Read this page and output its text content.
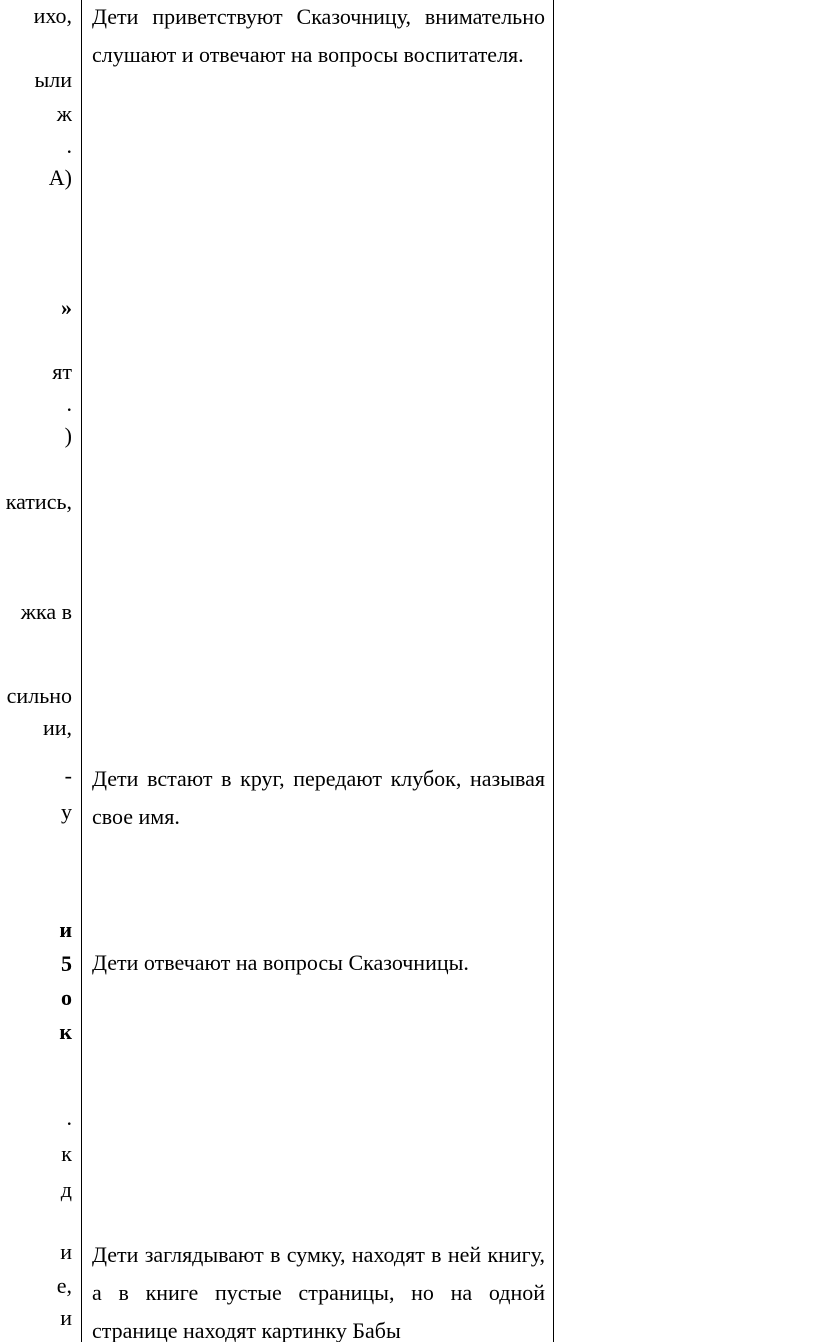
ихо,
ыли
ж
.
А)
»
ят
.
)
катись,
жка в
сильно
ии,
-
у
и
5
о
к
.
к
д
и
е,
и
Дети приветствуют Сказочницу, внимательно слушают и отвечают на вопросы воспитателя.
Дети встают в круг, передают клубок, называя свое имя.
Дети отвечают на вопросы Сказочницы.
Дети заглядывают в сумку, находят в ней книгу, а в книге пустые страницы, но на одной странице находят картинку Бабы
